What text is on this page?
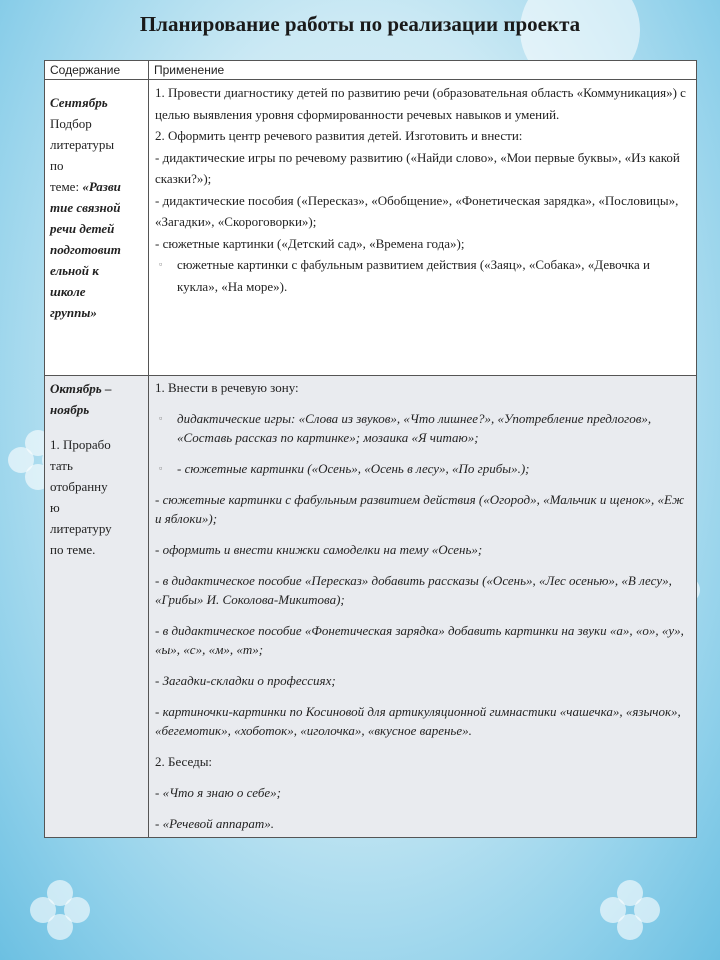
Планирование работы по реализации проекта
Содержание	Применение
Сентябрь
Подбор
литературы
по
теме: «Разви
тие связной
речи детей
подготовит
ельной к
школе
группы»
1. Провести диагностику детей по развитию речи (образовательная область «Коммуникация») с целью выявления уровня сформированности речевых навыков и умений.
2. Оформить центр речевого развития детей. Изготовить и внести:
- дидактические игры по речевому развитию («Найди слово», «Мои первые буквы», «Из какой сказки?»);
- дидактические пособия («Пересказ», «Обобщение», «Фонетическая зарядка», «Пословицы», «Загадки», «Скороговорки»);
- сюжетные картинки («Детский сад», «Времена года»);
▫ сюжетные картинки с фабульным развитием действия («Заяц», «Собака», «Девочка и кукла», «На море»).
Октябрь –
ноябрь
1. Прорабо
тать
отобранну
ю
литературу
по теме.

1. Внести в речевую зону:

▫ дидактические игры: «Слова из звуков», «Что лишнее?», «Употребление предлогов», «Составь рассказ по картинке»; мозаика «Я читаю»;

▫ - сюжетные картинки («Осень», «Осень в лесу», «По грибы».);

- сюжетные картинки с фабульным развитием действия («Огород», «Мальчик и щенок», «Еж и яблоки»);

- оформить и внести книжки самоделки на тему «Осень»;

- в дидактическое пособие «Пересказ» добавить рассказы («Осень», «Лес осенью», «В лесу», «Грибы» И. Соколова-Микитова);

- в дидактическое пособие «Фонетическая зарядка» добавить картинки на звуки «а», «о», «у», «ы», «с», «м», «т»;

- Загадки-складки о профессиях;

- картиночки-картинки по Косиновой для артикуляционной гимнастики «чашечка», «язычок», «бегемотик», «хоботок», «иголочка», «вкусное варенье».

2. Беседы:

- «Что я знаю о себе»;

- «Речевой аппарат».
